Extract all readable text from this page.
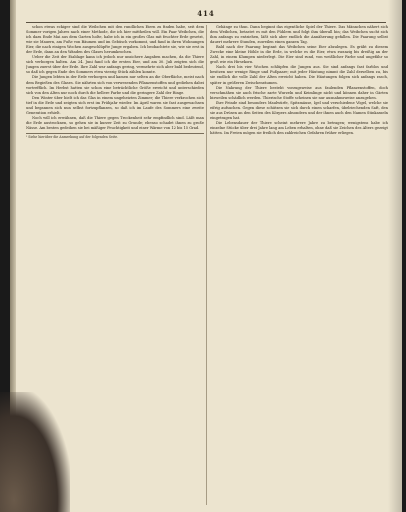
414

schon etwas eckiger sind die Weibchen mit den rundlichen Eiern zu finden habe, seit dem Sommer vorigen Jahres nach einer Methode, die ich hier mittheilen will. Ein Paar Weibchen, die ich dazu Ende Mai aus dem Garten holte, habe ich in ein großes Glas mit feuchter Erde gesetzt, wie sie Mauern, am Fuße von Bäumen und im Gebüsch vorkommt, und fand in ihren Wohnungen Eier, die nach einigen Wochen ausgeschlüpfte Junge ergaben. Ich beobachtete sie, wie sie erst in der Erde, dann an den Wänden des Glases herumkrochen.

Ueber die Zeit der Eiablage kann ich jedoch nur unsichere Angaben machen, da die Thiere sich verborgen halten. Am 24. Juni fand ich die ersten Eier, und am 30. Juli zeigten sich die Jungen zuerst über der Erde. Ihre Zahl war anfangs gering, vermehrte sich aber bald bedeutend, so daß ich gegen Ende des Sommers etwa vierzig Stück zählen konnte.

Die Jungen lebten in der Erde verborgen und kamen nur selten an die Oberfläche, meist nach dem Begießen des Glases. Sie nährten sich von verwesenden Pflanzenstoffen und gediehen dabei vortrefflich. Im Herbst hatten sie schon eine beträchtliche Größe erreicht und unterschieden sich von den Alten nur noch durch die hellere Farbe und die geringere Zahl der Ringe.

Den Winter über hielt ich das Glas in einem ungeheizten Zimmer; die Thiere verkrochen sich tief in die Erde und zeigten sich erst im Frühjahr wieder. Im April waren sie fast ausgewachsen und begannen sich nun selbst fortzupflanzen, so daß ich im Laufe des Sommers eine zweite Generation erhielt.

Noch will ich erwähnen, daß die Thiere gegen Trockenheit sehr empfindlich sind. Läßt man die Erde austrocknen, so gehen sie in kurzer Zeit zu Grunde; ebenso schadet ihnen zu große Nässe. Am besten gedeihen sie bei mäßiger Feuchtigkeit und einer Wärme von 12 bis 15 Grad.

¹ Siehe hierüber die Anmerkung auf der folgenden Seite.

Gehänge zu thun. Dann beginnt das eigentliche Spiel der Thiere. Das Männchen nähert sich dem Weibchen, betastet es mit den Fühlern und folgt ihm überall hin; das Weibchen sucht sich ihm anfangs zu entziehen, läßt sich aber endlich die Annäherung gefallen. Die Paarung selbst dauert mehrere Stunden, zuweilen einen ganzen Tag.

Bald nach der Paarung beginnt das Weibchen seine Eier abzulegen. Es gräbt zu diesem Zwecke eine kleine Höhle in die Erde, in welche es die Eier, etwa zwanzig bis dreißig an der Zahl, in einem Klumpen niederlegt. Die Eier sind rund, von weißlicher Farbe und ungefähr so groß wie ein Hirsekorn.

Nach drei bis vier Wochen schlüpfen die Jungen aus. Sie sind anfangs fast farblos und besitzen nur wenige Ringe und Fußpaare; mit jeder Häutung nimmt die Zahl derselben zu, bis sie endlich die volle Zahl der Alten erreicht haben. Die Häutungen folgen sich anfangs rasch, später in größeren Zwischenräumen.

Die Nahrung der Thiere besteht vorzugsweise aus faulenden Pflanzenstoffen, doch verschmähen sie auch frische zarte Wurzeln und Keimlinge nicht und können daher in Gärten bisweilen schädlich werden. Thierische Stoffe scheinen sie nur ausnahmsweise anzugehen.

Ihre Feinde sind besonders Maulwürfe, Spitzmäuse, Igel und verschiedene Vögel, welche sie eifrig aufsuchen. Gegen diese schützen sie sich durch einen scharfen, übelriechenden Saft, den sie aus Drüsen an den Seiten des Körpers absondern und der ihnen auch den Namen Stinkasseln eingetragen hat.

Die Lebensdauer der Thiere scheint mehrere Jahre zu betragen; wenigstens habe ich einzelne Stücke über drei Jahre lang am Leben erhalten, ohne daß sie Zeichen des Alters gezeigt hätten. Im Freien mögen sie freilich den zahlreichen Gefahren früher erliegen.
